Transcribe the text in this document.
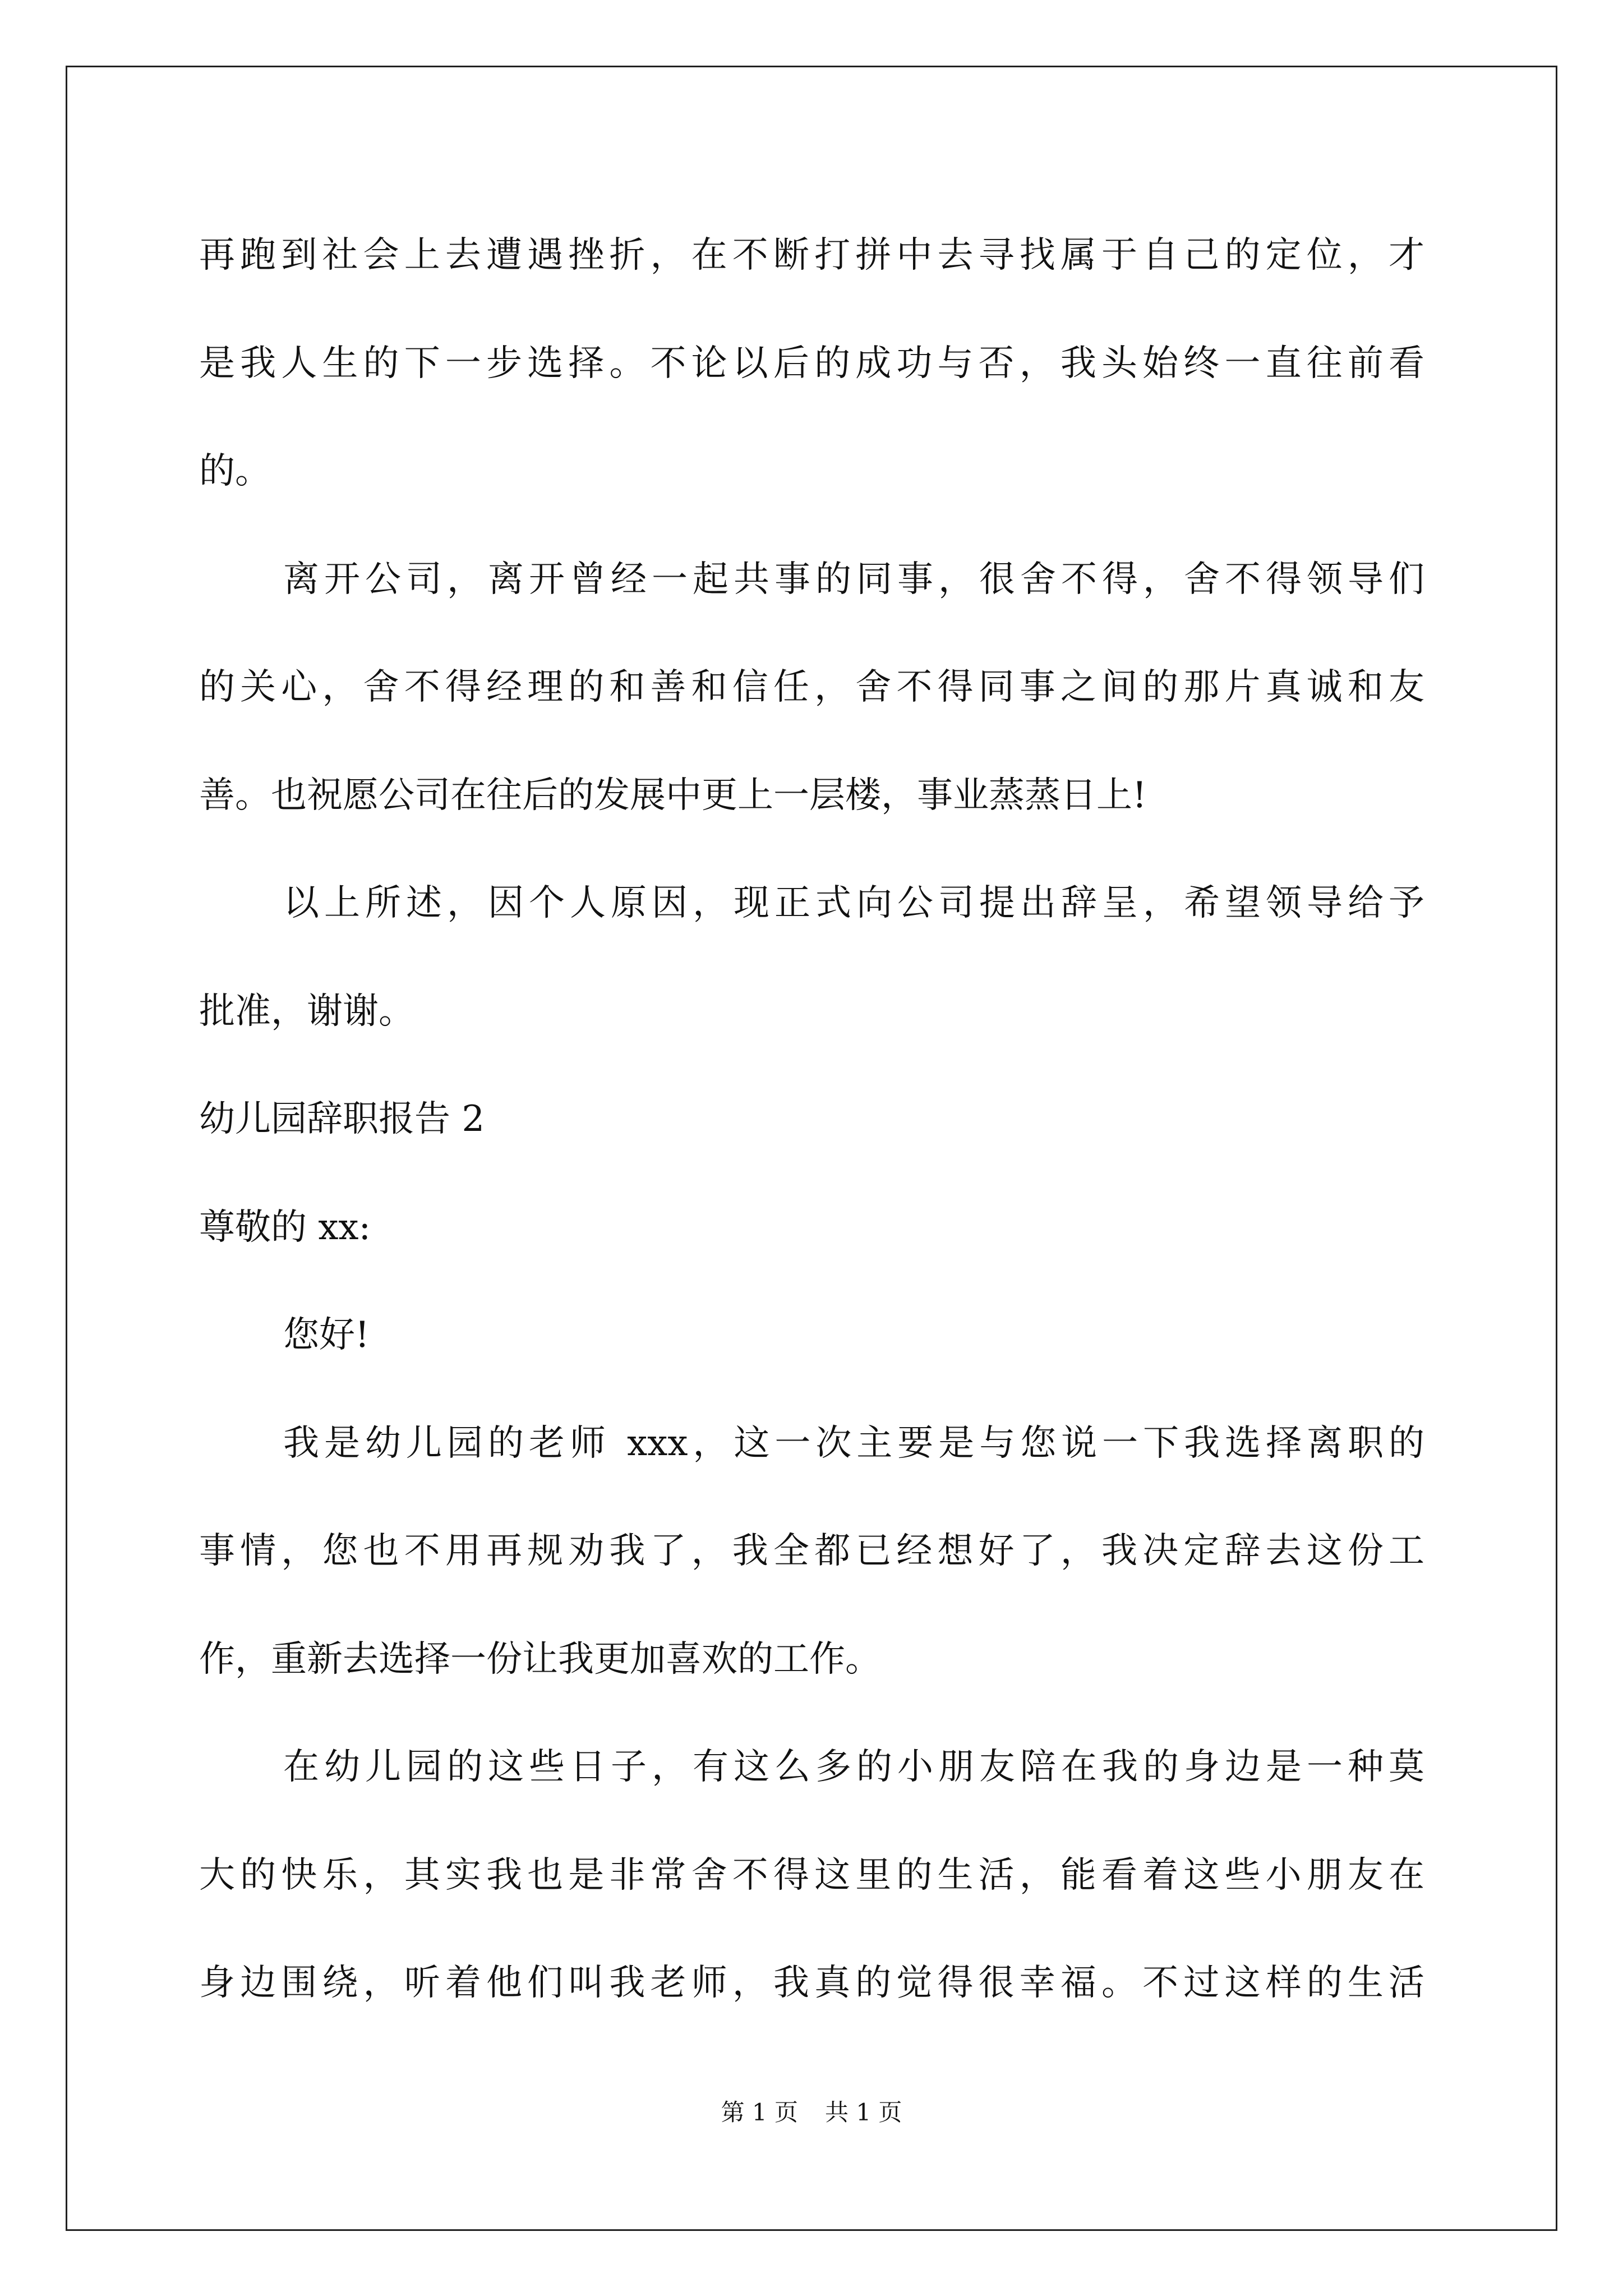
再跑到社会上去遭遇挫折，在不断打拼中去寻找属于自己的定位，才
是我人生的下一步选择。不论以后的成功与否，我头始终一直往前看
的。
离开公司，离开曾经一起共事的同事，很舍不得，舍不得领导们
的关心，舍不得经理的和善和信任，舍不得同事之间的那片真诚和友
善。也祝愿公司在往后的发展中更上一层楼，事业蒸蒸日上!
以上所述，因个人原因，现正式向公司提出辞呈，希望领导给予
批准，谢谢。
幼儿园辞职报告 2
尊敬的 xx:
您好!
我是幼儿园的老师 xxx，这一次主要是与您说一下我选择离职的
事情，您也不用再规劝我了，我全都已经想好了，我决定辞去这份工
作，重新去选择一份让我更加喜欢的工作。
在幼儿园的这些日子，有这么多的小朋友陪在我的身边是一种莫
大的快乐，其实我也是非常舍不得这里的生活，能看着这些小朋友在
身边围绕，听着他们叫我老师，我真的觉得很幸福。不过这样的生活
第 1 页 共 1 页
